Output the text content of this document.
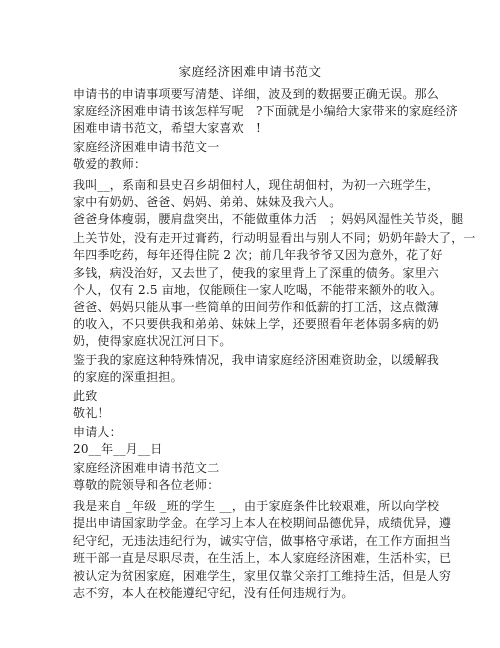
家庭经济困难申请书范文
申请书的申请事项要写清楚、详细，波及到的数据要正确无误。那么
家庭经济困难申请书该怎样写呢　?下面就是小编给大家带来的家庭经济
困难申请书范文，希望大家喜欢　!
家庭经济困难申请书范文一
敬爱的教师：
我叫__，系南和县史召乡胡佃村人，现住胡佃村，为初一六班学生，
家中有奶奶、爸爸、妈妈、弟弟、妹妹及我六人。
爸爸身体瘦弱，腰肩盘突出，不能做重体力活　；妈妈风湿性关节炎，腿
上关节处，没有走开过膏药，行动明显看出与别人不同；奶奶年龄大了，一
年四季吃药，每年还得住院 2 次；前几年我爷爷又因为意外，花了好
多钱，病没治好，又去世了，使我的家里背上了深重的债务。家里六
个人，仅有 2.5 亩地，仅能顾住一家人吃喝，不能带来额外的收入。
爸爸、妈妈只能从事一些简单的田间劳作和低薪的打工活，这点微薄
的收入，不只要供我和弟弟、妹妹上学，还要照看年老体弱多病的奶
奶，使得家庭状况江河日下。
鉴于我的家庭这种特殊情况，我申请家庭经济困难资助金，以缓解我
的家庭的深重担担。
此致
敬礼！
申请人：
20__年__月__日
家庭经济困难申请书范文二
尊敬的院领导和各位老师：
我是来自 _年级 _班的学生 __，由于家庭条件比较艰难，所以向学校
提出申请国家助学金。在学习上本人在校期间品德优异，成绩优异，遵
纪守纪，无违法违纪行为，诚实守信，做事格守承诺，在工作方面担当
班干部一直是尽职尽责，在生活上，本人家庭经济困难，生活朴实，已
被认定为贫困家庭，困难学生，家里仅靠父亲打工维持生活，但是人穷
志不穷，本人在校能遵纪守纪，没有任何违规行为。
